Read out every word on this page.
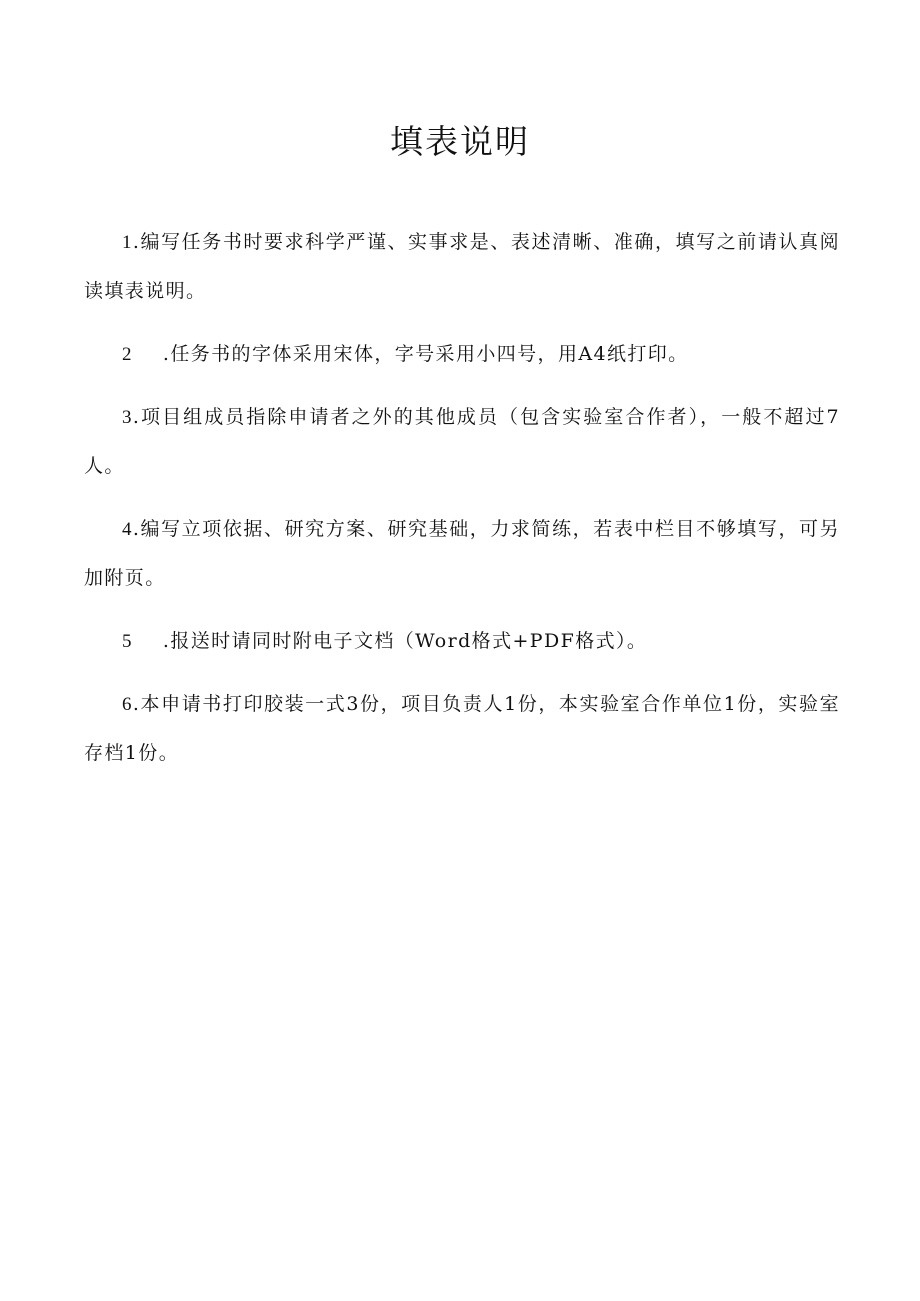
填表说明

1.编写任务书时要求科学严谨、实事求是、表述清晰、准确，填写之前请认真阅读填表说明。

2 .任务书的字体采用宋体，字号采用小四号，用A4纸打印。

3.项目组成员指除申请者之外的其他成员（包含实验室合作者），一般不超过7人。

4.编写立项依据、研究方案、研究基础，力求简练，若表中栏目不够填写，可另加附页。

5 .报送时请同时附电子文档（Word格式+PDF格式）。

6.本申请书打印胶装一式3份，项目负责人1份，本实验室合作单位1份，实验室存档1份。
